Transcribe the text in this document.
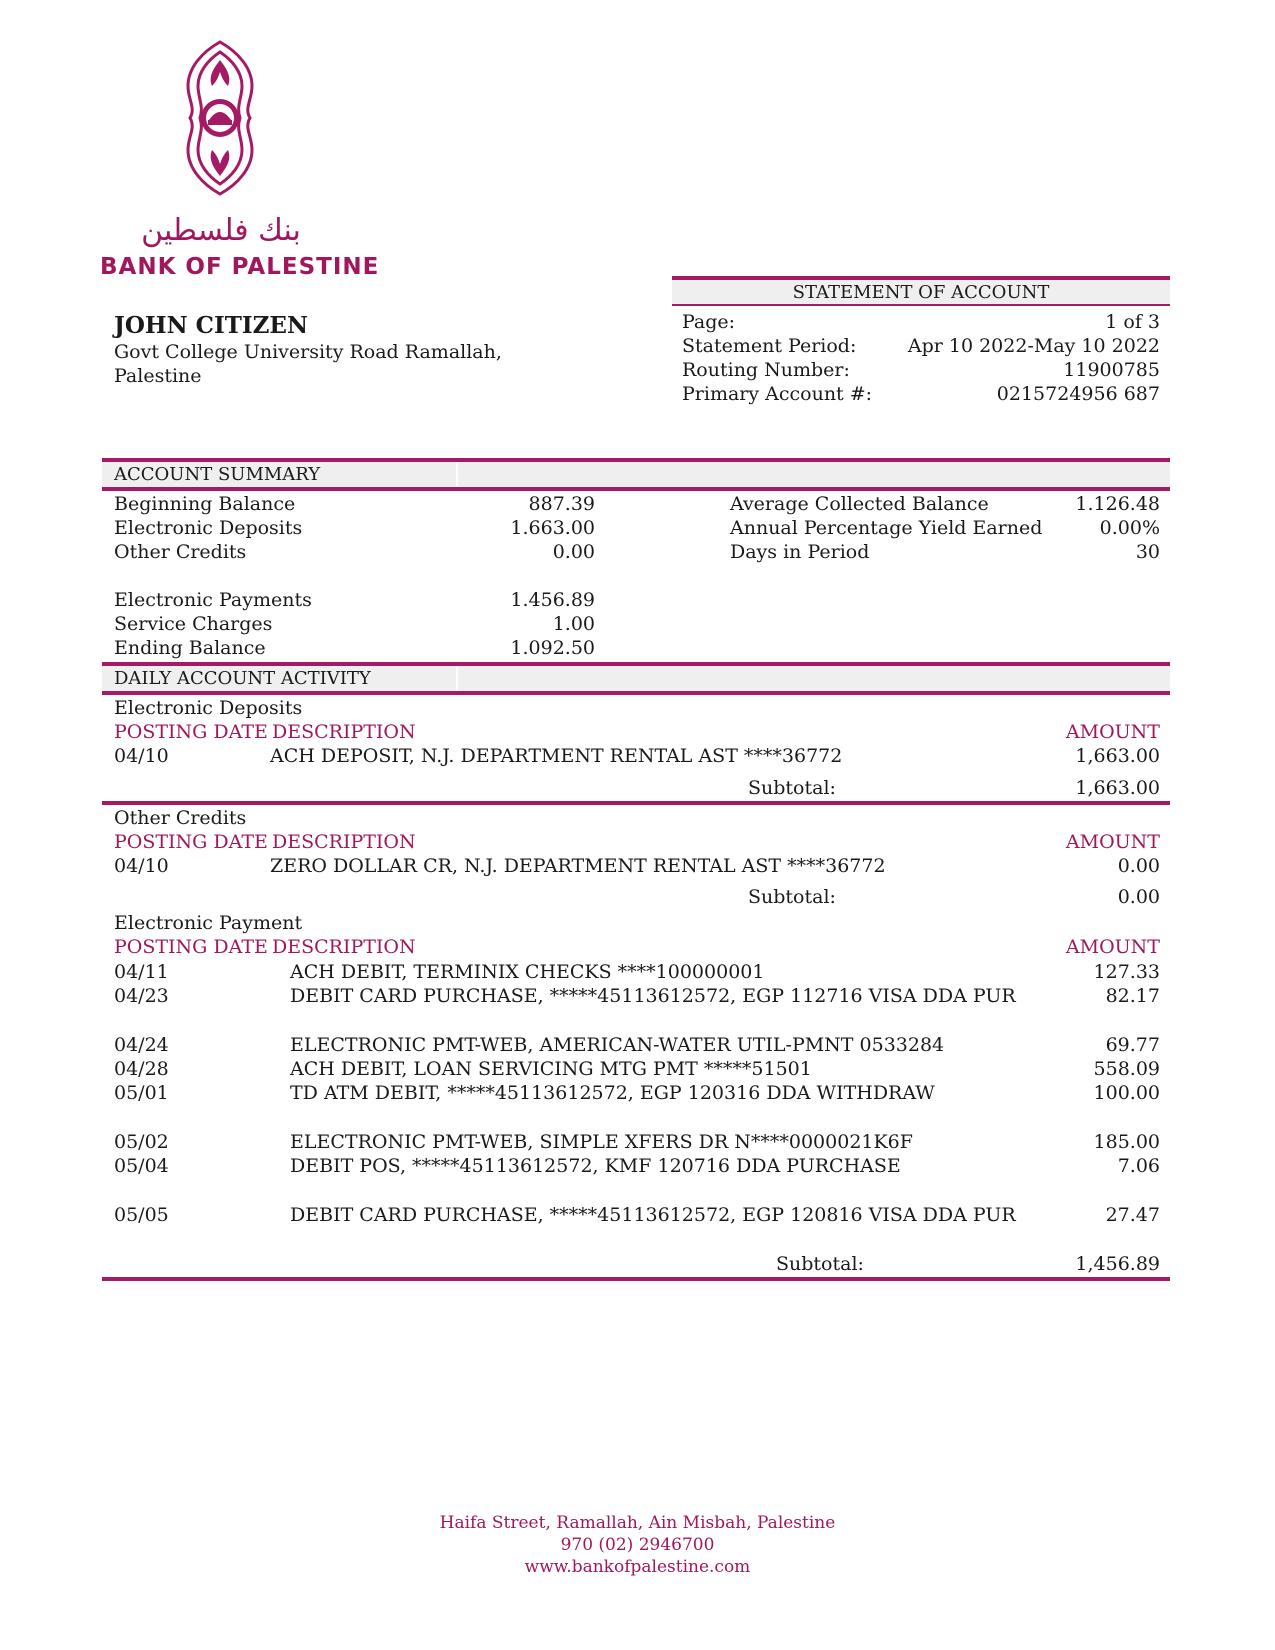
بنك فلسطين
BANK OF PALESTINE
JOHN CITIZEN
Govt College University Road Ramallah,
Palestine
STATEMENT OF ACCOUNT
Page:	1 of 3
Statement Period:	Apr 10 2022-May 10 2022
Routing Number:	11900785
Primary Account #:	0215724956 687
ACCOUNT SUMMARY
Beginning Balance	887.39
Electronic Deposits	1.663.00
Other Credits	0.00
Electronic Payments	1.456.89
Service Charges	1.00
Ending Balance	1.092.50
Average Collected Balance	1.126.48
Annual Percentage Yield Earned	0.00%
Days in Period	30
DAILY ACCOUNT ACTIVITY
Electronic Deposits
POSTING DATE DESCRIPTION	AMOUNT
04/10	ACH DEPOSIT, N.J. DEPARTMENT RENTAL AST ****36772	1,663.00
Subtotal:	1,663.00
Other Credits
POSTING DATE DESCRIPTION	AMOUNT
04/10	ZERO DOLLAR CR, N.J. DEPARTMENT RENTAL AST ****36772	0.00
Subtotal:	0.00
Electronic Payment
POSTING DATE DESCRIPTION	AMOUNT
04/11	ACH DEBIT, TERMINIX CHECKS ****100000001	127.33
04/23	DEBIT CARD PURCHASE, *****45113612572, EGP 112716 VISA DDA PUR	82.17
04/24	ELECTRONIC PMT-WEB, AMERICAN-WATER UTIL-PMNT 0533284	69.77
04/28	ACH DEBIT, LOAN SERVICING MTG PMT *****51501	558.09
05/01	TD ATM DEBIT, *****45113612572, EGP 120316 DDA WITHDRAW	100.00
05/02	ELECTRONIC PMT-WEB, SIMPLE XFERS DR N****0000021K6F	185.00
05/04	DEBIT POS, *****45113612572, KMF 120716 DDA PURCHASE	7.06
05/05	DEBIT CARD PURCHASE, *****45113612572, EGP 120816 VISA DDA PUR	27.47
Subtotal:	1,456.89
Haifa Street, Ramallah, Ain Misbah, Palestine
970 (02) 2946700
www.bankofpalestine.com
